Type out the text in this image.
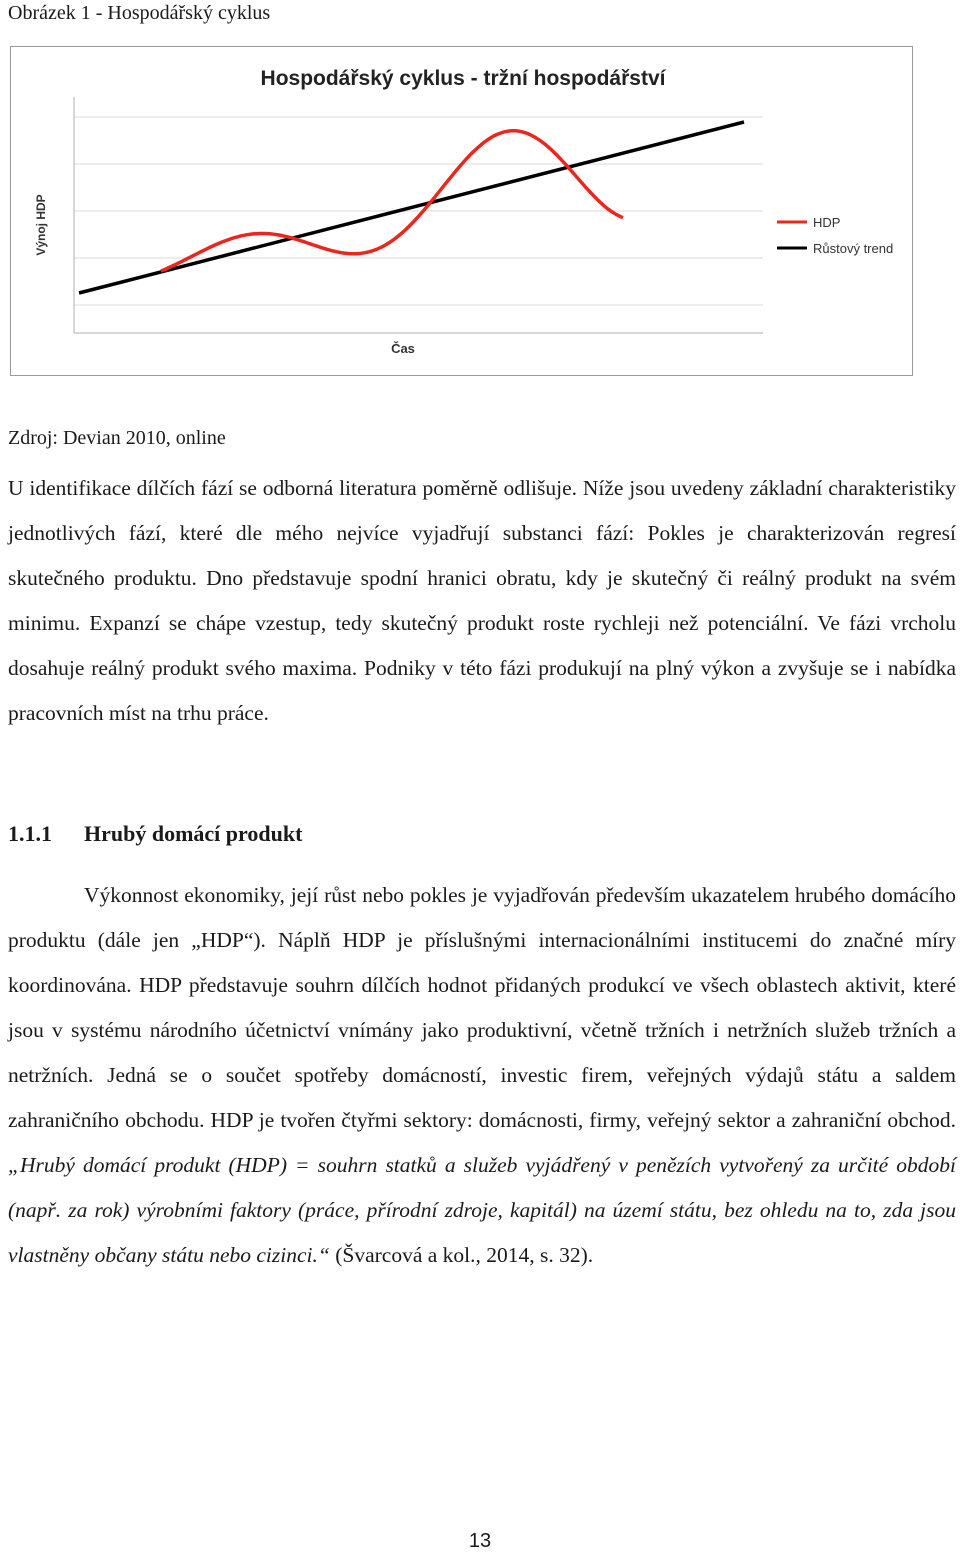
Obrázek 1 - Hospodářský cyklus
Hospodářský cyklus - tržní hospodářství
Výnoj HDP
Čas
HDP
Růstový trend
Zdroj: Devian 2010, online

U identifikace dílčích fází se odborná literatura poměrně odlišuje. Níže jsou uvedeny základní charakteristiky jednotlivých fází, které dle mého nejvíce vyjadřují substanci fází: Pokles je charakterizován regresí skutečného produktu. Dno představuje spodní hranici obratu, kdy je skutečný či reálný produkt na svém minimu. Expanzí se chápe vzestup, tedy skutečný produkt roste rychleji než potenciální. Ve fázi vrcholu dosahuje reálný produkt svého maxima. Podniky v této fázi produkují na plný výkon a zvyšuje se i nabídka pracovních míst na trhu práce.

1.1.1 Hrubý domácí produkt

Výkonnost ekonomiky, její růst nebo pokles je vyjadřován především ukazatelem hrubého domácího produktu (dále jen „HDP“). Náplň HDP je příslušnými internacionálními institucemi do značné míry koordinována. HDP představuje souhrn dílčích hodnot přidaných produkcí ve všech oblastech aktivit, které jsou v systému národního účetnictví vnímány jako produktivní, včetně tržních i netržních služeb tržních a netržních. Jedná se o součet spotřeby domácností, investic firem, veřejných výdajů státu a saldem zahraničního obchodu. HDP je tvořen čtyřmi sektory: domácnosti, firmy, veřejný sektor a zahraniční obchod. „Hrubý domácí produkt (HDP) = souhrn statků a služeb vyjádřený v penězích vytvořený za určité období (např. za rok) výrobními faktory (práce, přírodní zdroje, kapitál) na území státu, bez ohledu na to, zda jsou vlastněny občany státu nebo cizinci.“ (Švarcová a kol., 2014, s. 32).

13
